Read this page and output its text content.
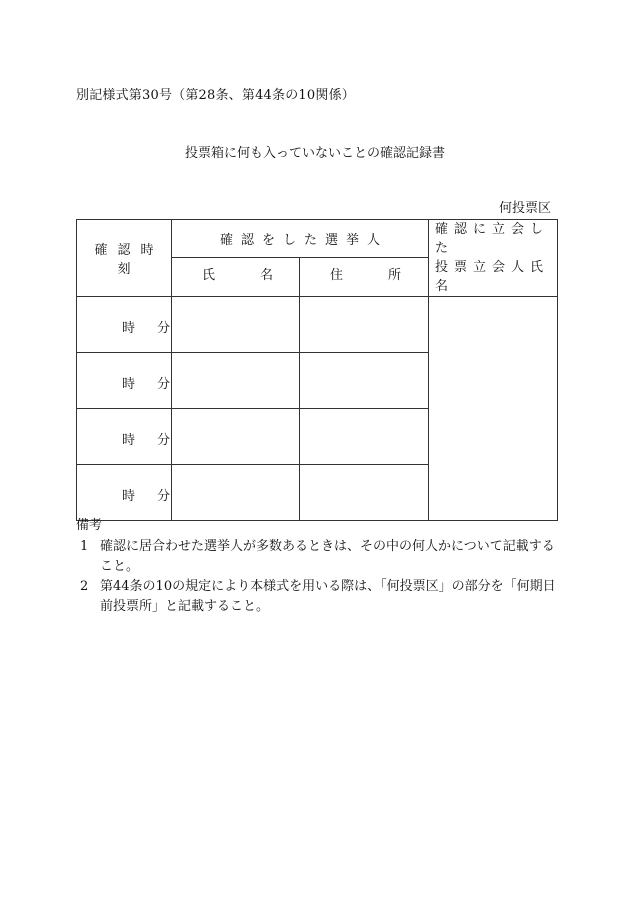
別記様式第30号（第28条、第44条の10関係）
投票箱に何も入っていないことの確認記録書
何投票区
確認時刻	確認をした選挙人		確認に立会した
投票立会人氏名

	氏 名	住 所	

時 分			

時 分			

時 分			

時 分			

備考
1 確認に居合わせた選挙人が多数あるときは、その中の何人かについて記載すること。
2 第44条の10の規定により本様式を用いる際は、「何投票区」の部分を「何期日前投票所」と記載すること。
